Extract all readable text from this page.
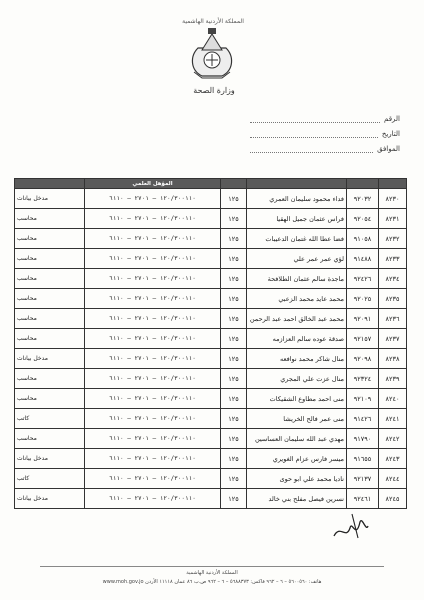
المملكة الأردنية الهاشمية
وزارة الصحة
الرقم
التاريخ
الموافق
				المؤهل العلمي	
٨٢٣٠	٩٢٠٣٢	فداء محمود سليمان العمري	١٢٥	١٢٠/٣٠٠١١٠ – ٢٧٠١ – ٦١١٠	مدخل بيانات
٨٢٣١	٩٢٠٥٤	فراس عثمان جميل الهقيا	١٢٥	١٢٠/٣٠٠١١٠ – ٢٧٠١ – ٦١١٠	محاسب
٨٢٣٢	٩١٠٥٨	فضا عطا الله غتمان الدعيبات	١٢٥	١٢٠/٣٠٠١١٠ – ٢٧٠١ – ٦١١٠	محاسب
٨٢٣٣	٩١٤٨٨	لؤي عمر عمر علي	١٢٥	١٢٠/٣٠٠١١٠ – ٢٧٠١ – ٦١١٠	محاسب
٨٢٣٤	٩٢٤٢٦	ماجدة سالم عثمان الطلافحة	١٢٥	١٢٠/٣٠٠١١٠ – ٢٧٠١ – ٦١١٠	محاسب
٨٢٣٥	٩٢٠٢٥	محمد عايد محمد الزعبي	١٢٥	١٢٠/٣٠٠١١٠ – ٢٧٠١ – ٦١١٠	محاسب
٨٢٣٦	٩٢٠٩١	محمد عبد الخالق احمد عبد الرحمن	١٢٥	١٢٠/٣٠٠١١٠ – ٢٧٠١ – ٦١١٠	محاسب
٨٢٣٧	٩٢١٥٧	صدقة عوده سالم العزازمه	١٢٥	١٢٠/٣٠٠١١٠ – ٢٧٠١ – ٦١١٠	محاسب
٨٢٣٨	٩٢٠٩٨	منال شاكر محمد نوافعه	١٢٥	١٢٠/٣٠٠١١٠ – ٢٧٠١ – ٦١١٠	مدخل بيانات
٨٢٣٩	٩٢٣٢٤	منال عزت علي المجري	١٢٥	١٢٠/٣٠٠١١٠ – ٢٧٠١ – ٦١١٠	محاسب
٨٢٤٠	٩٢١٠٩	منى احمد مطاوع الشقيكات	١٢٥	١٢٠/٣٠٠١١٠ – ٢٧٠١ – ٦١١٠	محاسب
٨٢٤١	٩١٤٢٦	منى عمر فالح الخريشا	١٢٥	١٢٠/٣٠٠١١٠ – ٢٧٠١ – ٦١١٠	كاتب
٨٢٤٢	٩١٧٩٠	مهدي عبد الله سليمان العساسين	١٢٥	١٢٠/٣٠٠١١٠ – ٢٧٠١ – ٦١١٠	محاسب
٨٢٤٣	٩١٦٥٥	ميسر فارس عزام الغويري	١٢٥	١٢٠/٣٠٠١١٠ – ٢٧٠١ – ٦١١٠	مدخل بيانات
٨٢٤٤	٩٢١٣٧	ناديا محمد علي ابو حوى	١٢٥	١٢٠/٣٠٠١١٠ – ٢٧٠١ – ٦١١٠	كاتب
٨٢٤٥	٩٢٤٦١	نسرين فيصل مفلح بني خالد	١٢٥	١٢٠/٣٠٠١١٠ – ٢٧٠١ – ٦١١٠	مدخل بيانات
المملكة الأردنية الهاشمية
هاتف: ٥٦٠٠٥٦٠ – ٦ – ٩٦٢ فاكس: ٥٦٨٨٣٧٣ – ٦ – ٩٦٢ ص.ب ٨٦ عمان ١١١١٨ الأردن www.moh.gov.jo
